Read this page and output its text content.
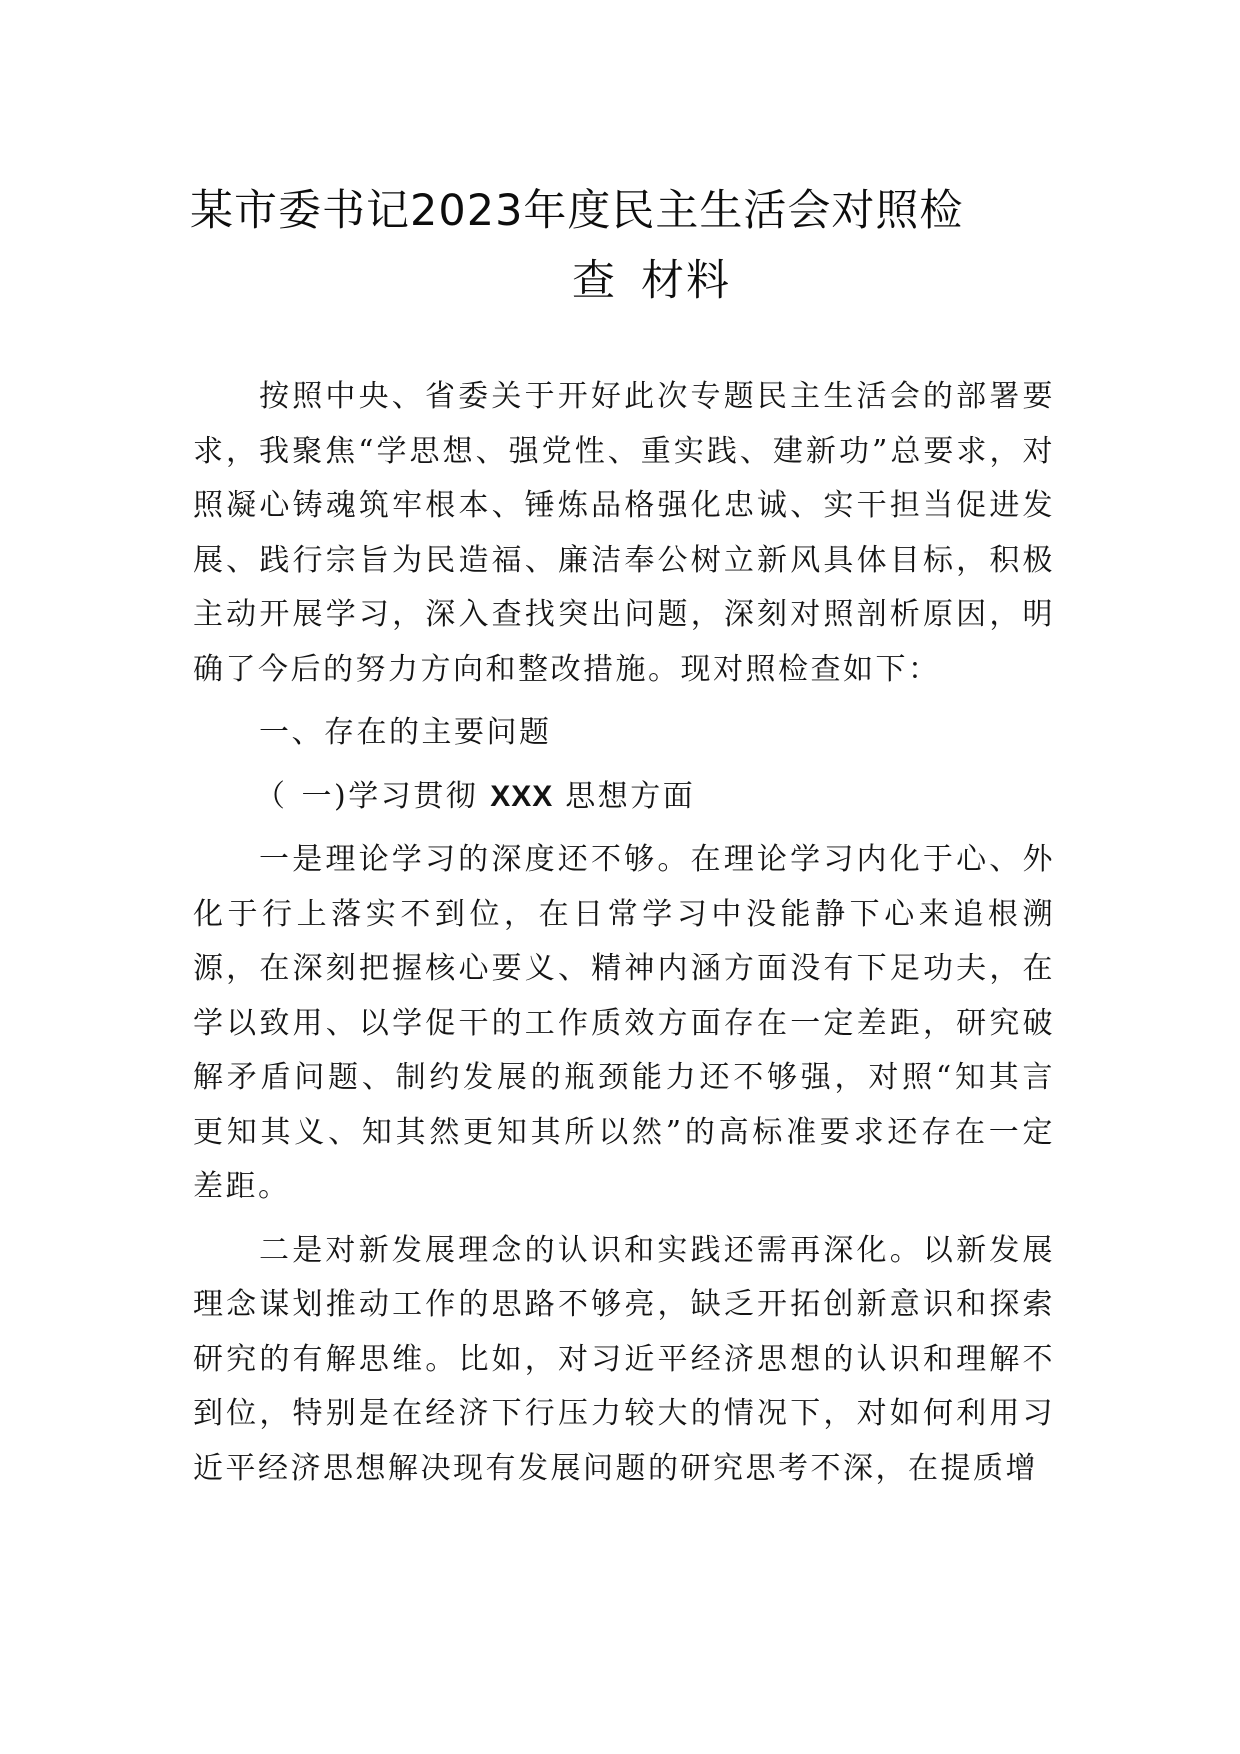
某市委书记2023年度民主生活会对照检
查 材料

按照中央、省委关于开好此次专题民主生活会的部署要求，我聚焦“学思想、强党性、重实践、建新功”总要求，对照凝心铸魂筑牢根本、锤炼品格强化忠诚、实干担当促进发展、践行宗旨为民造福、廉洁奉公树立新风具体目标，积极主动开展学习，深入查找突出问题，深刻对照剖析原因，明确了今后的努力方向和整改措施。现对照检查如下：

一、存在的主要问题

（ 一)学习贯彻 XXX 思想方面

一是理论学习的深度还不够。在理论学习内化于心、外化于行上落实不到位，在日常学习中没能静下心来追根溯源，在深刻把握核心要义、精神内涵方面没有下足功夫，在学以致用、以学促干的工作质效方面存在一定差距，研究破解矛盾问题、制约发展的瓶颈能力还不够强，对照“知其言更知其义、知其然更知其所以然”的高标准要求还存在一定差距。

二是对新发展理念的认识和实践还需再深化。以新发展理念谋划推动工作的思路不够亮，缺乏开拓创新意识和探索研究的有解思维。比如，对习近平经济思想的认识和理解不到位，特别是在经济下行压力较大的情况下，对如何利用习近平经济思想解决现有发展问题的研究思考不深，在提质增
